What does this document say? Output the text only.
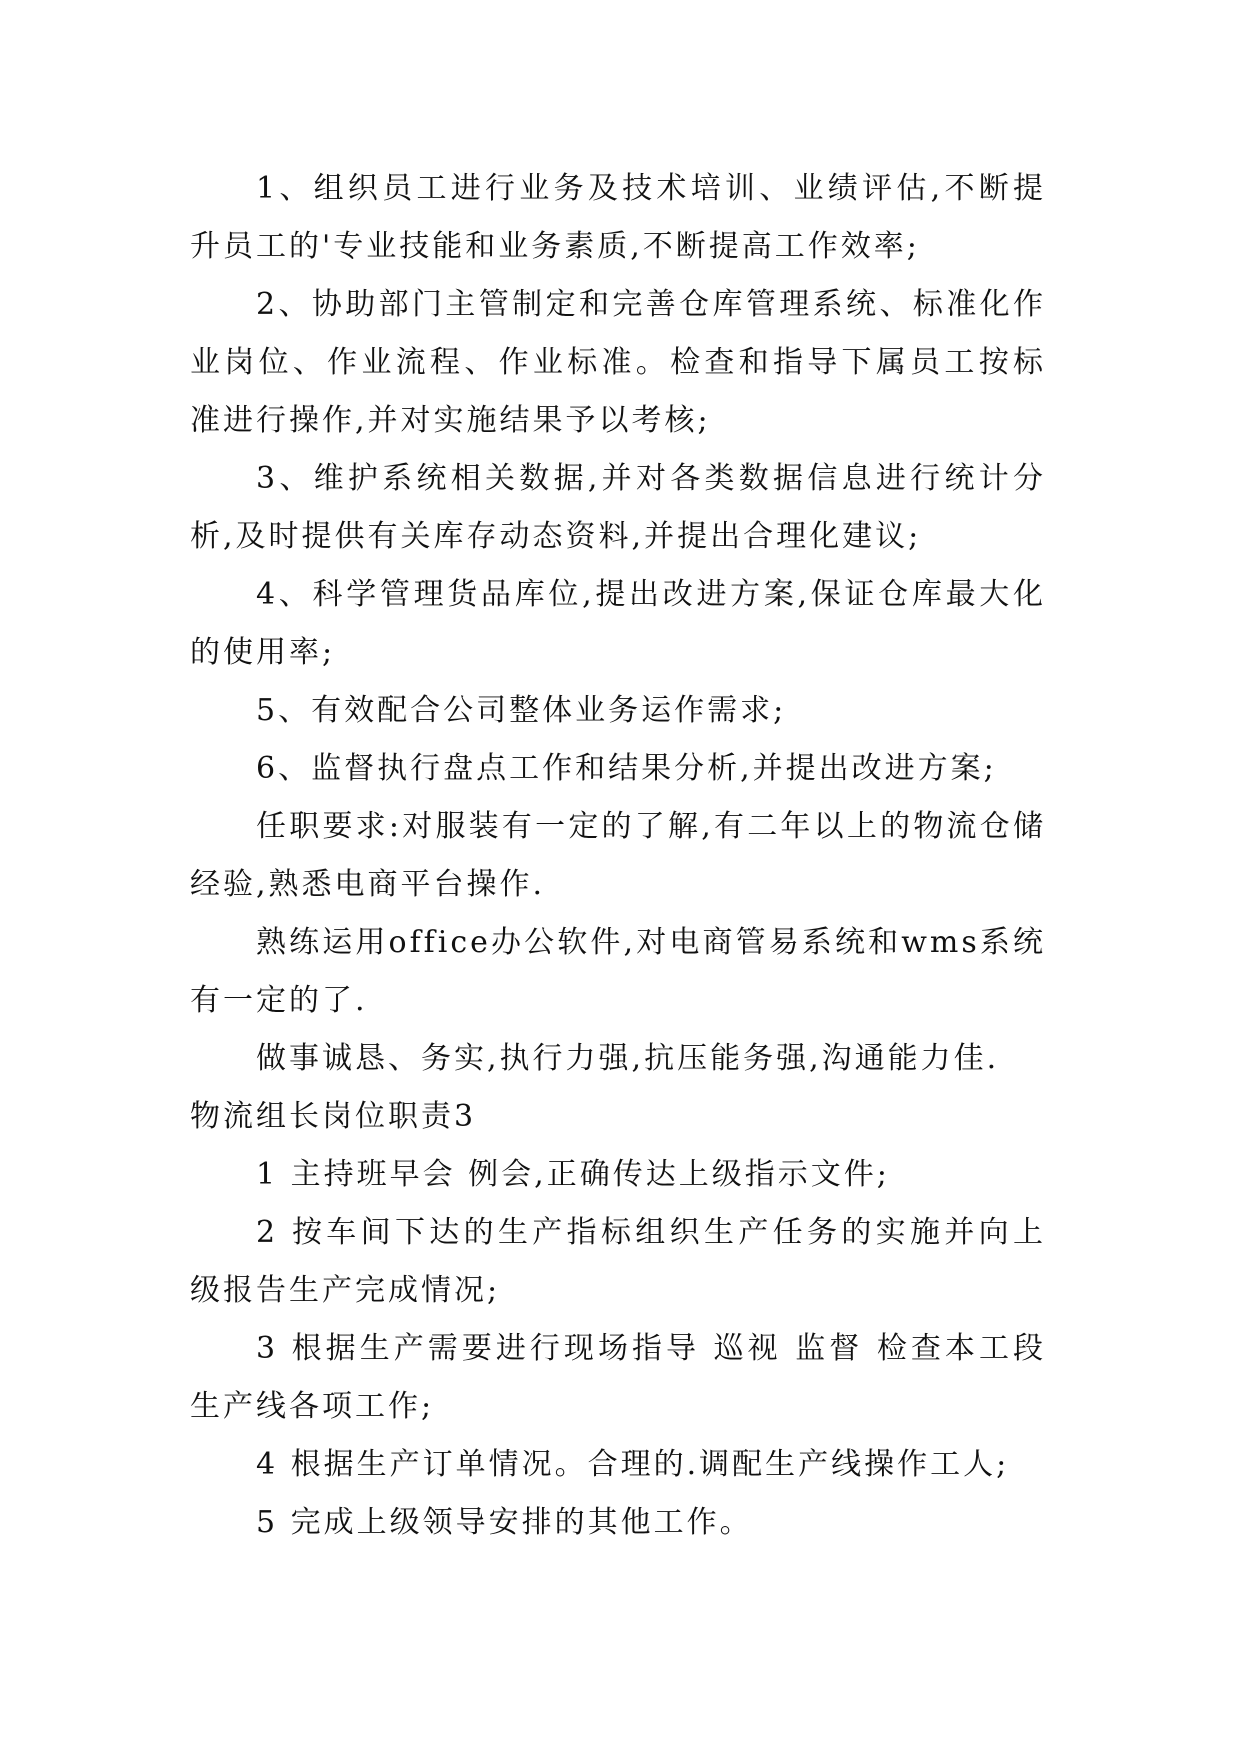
1、组织员工进行业务及技术培训、业绩评估,不断提升员工的'专业技能和业务素质,不断提高工作效率;

2、协助部门主管制定和完善仓库管理系统、标准化作业岗位、作业流程、作业标准。检查和指导下属员工按标准进行操作,并对实施结果予以考核;

3、维护系统相关数据,并对各类数据信息进行统计分析,及时提供有关库存动态资料,并提出合理化建议;

4、科学管理货品库位,提出改进方案,保证仓库最大化的使用率;

5、有效配合公司整体业务运作需求;

6、监督执行盘点工作和结果分析,并提出改进方案;

任职要求:对服装有一定的了解,有二年以上的物流仓储经验,熟悉电商平台操作.

熟练运用office办公软件,对电商管易系统和wms系统有一定的了.

做事诚恳、务实,执行力强,抗压能务强,沟通能力佳.

物流组长岗位职责3

1 主持班早会 例会,正确传达上级指示文件;

2 按车间下达的生产指标组织生产任务的实施并向上级报告生产完成情况;

3 根据生产需要进行现场指导 巡视 监督 检查本工段生产线各项工作;

4 根据生产订单情况。合理的.调配生产线操作工人;

5 完成上级领导安排的其他工作。
